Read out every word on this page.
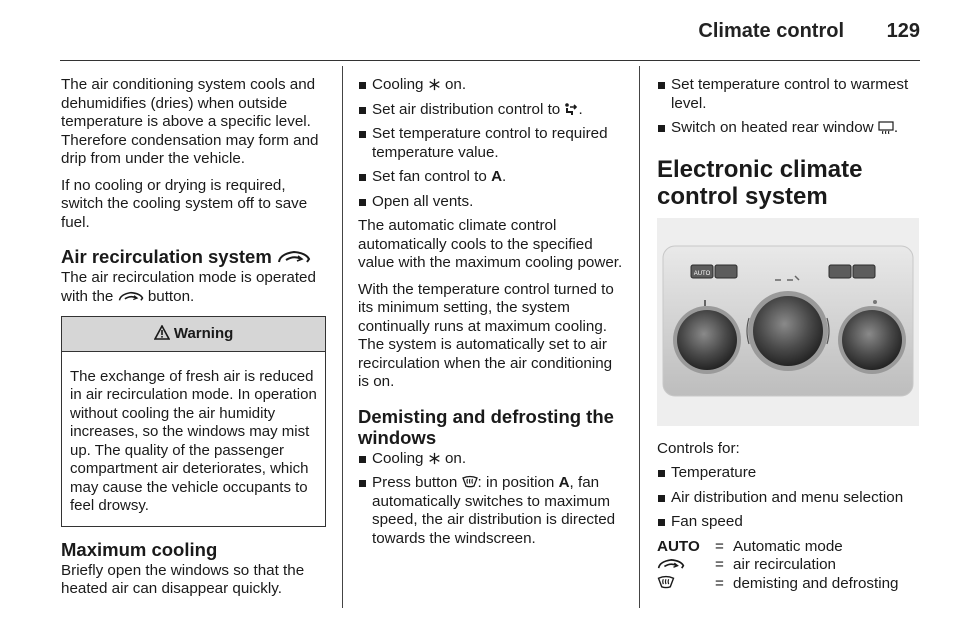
Climate control	129

The air conditioning system cools and dehumidifies (dries) when outside temperature is above a specific level. Therefore condensation may form and drip from under the vehicle.

If no cooling or drying is required, switch the cooling system off to save fuel.

Air recirculation system

The air recirculation mode is operated with the button.

Warning
The exchange of fresh air is reduced in air recirculation mode. In operation without cooling the air humidity increases, so the windows may mist up. The quality of the passenger compartment air deteriorates, which may cause the vehicle occupants to feel drowsy.
Maximum cooling

Briefly open the windows so that the heated air can disappear quickly.

Cooling on.
Set air distribution control to .
Set temperature control to required temperature value.
Set fan control to A.
Open all vents.

The automatic climate control automatically cools to the specified value with the maximum cooling power.

With the temperature control turned to its minimum setting, the system continually runs at maximum cooling. The system is automatically set to air recirculation when the air conditioning is on.

Demisting and defrosting the windows
Cooling on.
Press button : in position A, fan automatically switches to maximum speed, the air distribution is directed towards the windscreen.
Set temperature control to warmest level.
Switch on heated rear window .
Electronic climate control system
AUTO

Controls for:

Temperature
Air distribution and menu selection
Fan speed
AUTO	=	Automatic mode
	=	air recirculation
	=	demisting and defrosting
